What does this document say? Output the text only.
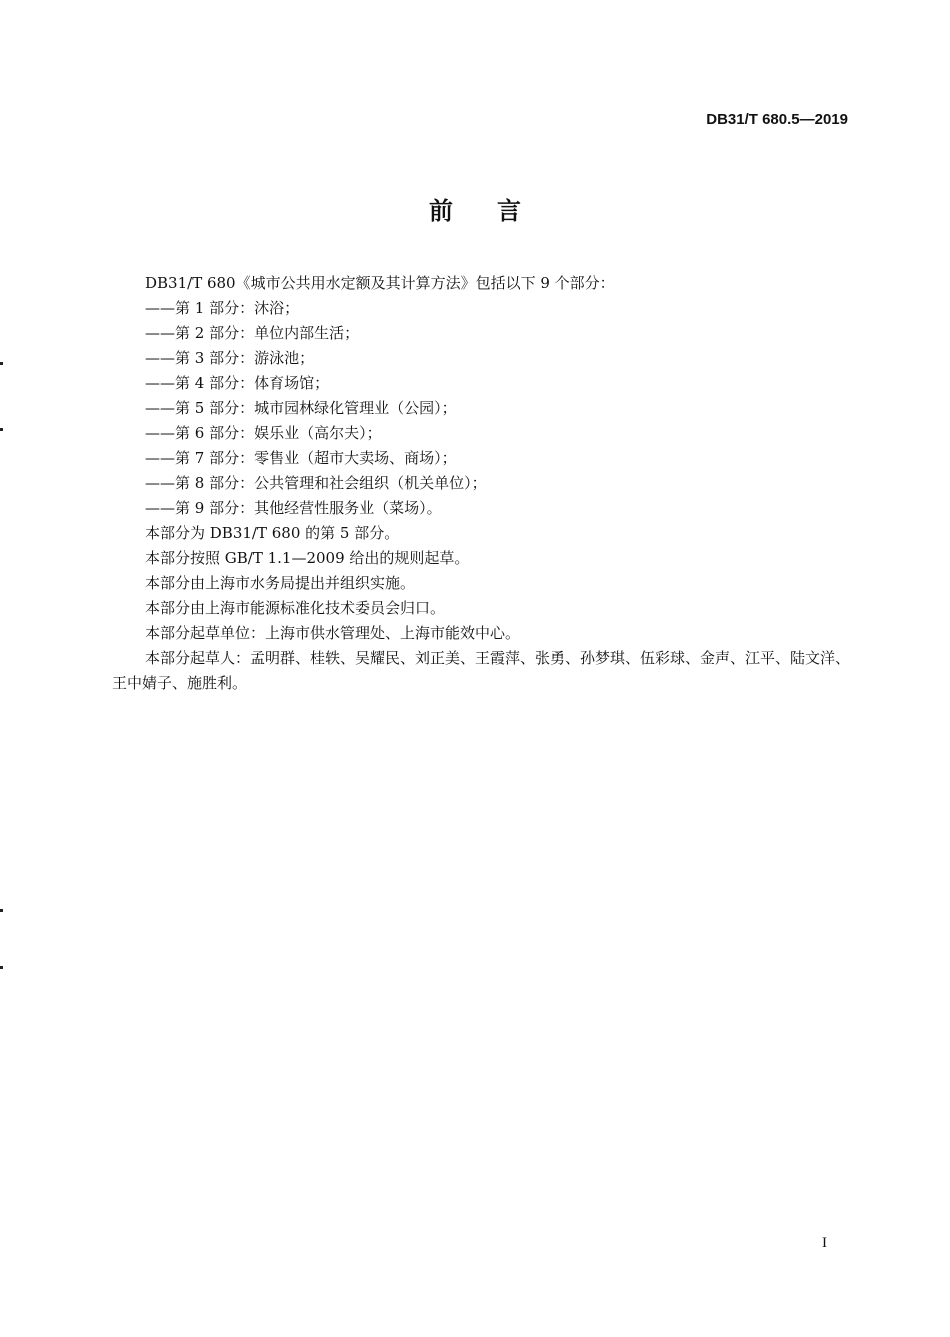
DB31/T 680.5—2019
前言
DB31/T 680《城市公共用水定额及其计算方法》包括以下 9 个部分：
——第 1 部分：沐浴；
——第 2 部分：单位内部生活；
——第 3 部分：游泳池；
——第 4 部分：体育场馆；
——第 5 部分：城市园林绿化管理业（公园）；
——第 6 部分：娱乐业（高尔夫）；
——第 7 部分：零售业（超市大卖场、商场）；
——第 8 部分：公共管理和社会组织（机关单位）；
——第 9 部分：其他经营性服务业（菜场）。
本部分为 DB31/T 680 的第 5 部分。
本部分按照 GB/T 1.1—2009 给出的规则起草。
本部分由上海市水务局提出并组织实施。
本部分由上海市能源标准化技术委员会归口。
本部分起草单位：上海市供水管理处、上海市能效中心。
本部分起草人：孟明群、桂轶、吴耀民、刘正美、王霞萍、张勇、孙梦琪、伍彩球、金声、江平、陆文洋、
王中婧子、施胜利。
I
